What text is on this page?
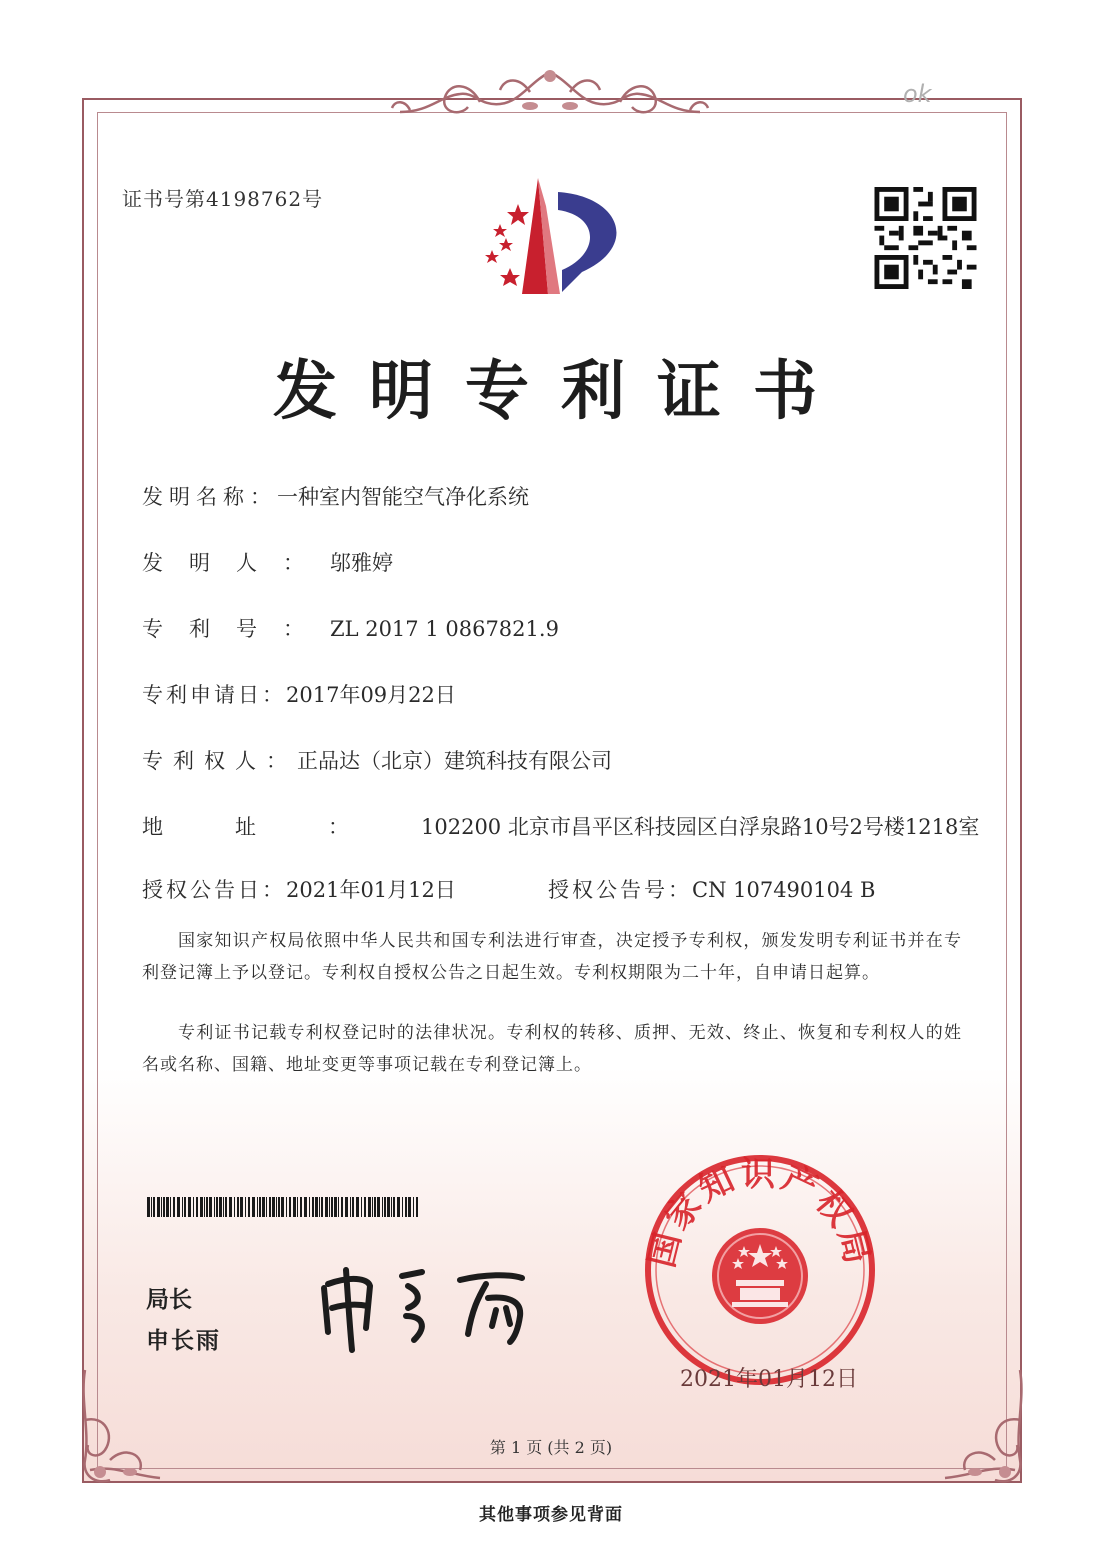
ok
证书号第4198762号
发明专利证书
发明名称：一种室内智能空气净化系统
发明人：邬雅婷
专利号：ZL 2017 1 0867821.9
专利申请日：2017年09月22日
专利权人：正品达（北京）建筑科技有限公司
地址：102200 北京市昌平区科技园区白浮泉路10号2号楼1218室
授权公告日：2021年01月12日	授权公告号：CN 107490104 B
国家知识产权局依照中华人民共和国专利法进行审查，决定授予专利权，颁发发明专利证书并在专利登记簿上予以登记。专利权自授权公告之日起生效。专利权期限为二十年，自申请日起算。
专利证书记载专利权登记时的法律状况。专利权的转移、质押、无效、终止、恢复和专利权人的姓名或名称、国籍、地址变更等事项记载在专利登记簿上。
局长
申长雨
国家知识产权局
2021年01月12日
第 1 页 (共 2 页)
其他事项参见背面
